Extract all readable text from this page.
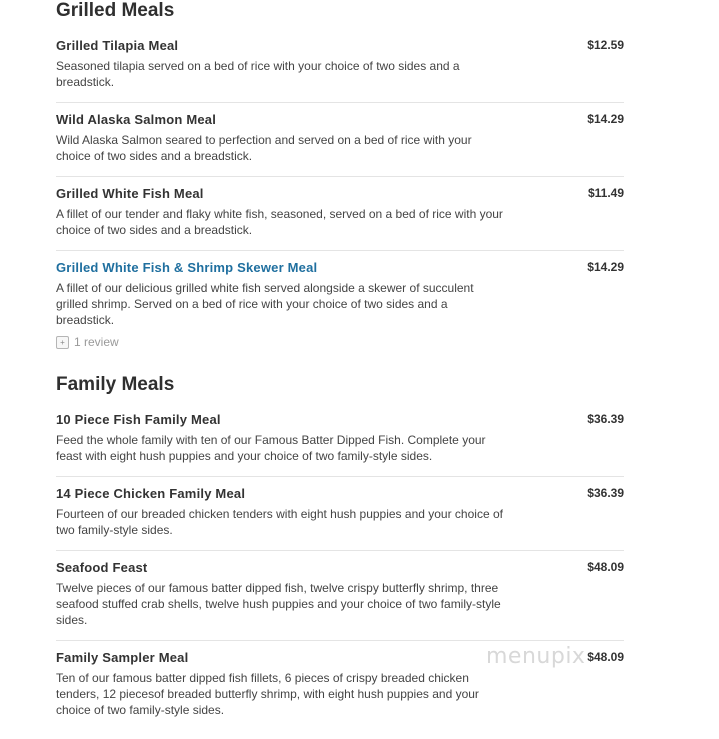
Grilled Meals
Grilled Tilapia Meal	$12.59
Seasoned tilapia served on a bed of rice with your choice of two sides and a breadstick.
Wild Alaska Salmon Meal	$14.29
Wild Alaska Salmon seared to perfection and served on a bed of rice with your choice of two sides and a breadstick.
Grilled White Fish Meal	$11.49
A fillet of our tender and flaky white fish, seasoned, served on a bed of rice with your choice of two sides and a breadstick.
Grilled White Fish & Shrimp Skewer Meal	$14.29
A fillet of our delicious grilled white fish served alongside a skewer of succulent grilled shrimp. Served on a bed of rice with your choice of two sides and a breadstick.
+ 1 review
Family Meals
10 Piece Fish Family Meal	$36.39
Feed the whole family with ten of our Famous Batter Dipped Fish. Complete your feast with eight hush puppies and your choice of two family-style sides.
14 Piece Chicken Family Meal	$36.39
Fourteen of our breaded chicken tenders with eight hush puppies and your choice of two family-style sides.
Seafood Feast	$48.09
Twelve pieces of our famous batter dipped fish, twelve crispy butterfly shrimp, three seafood stuffed crab shells, twelve hush puppies and your choice of two family-style sides.
Family Sampler Meal	$48.09
Ten of our famous batter dipped fish fillets, 6 pieces of crispy breaded chicken tenders, 12 piecesof breaded butterfly shrimp, with eight hush puppies and your choice of two family-style sides.
menupix
